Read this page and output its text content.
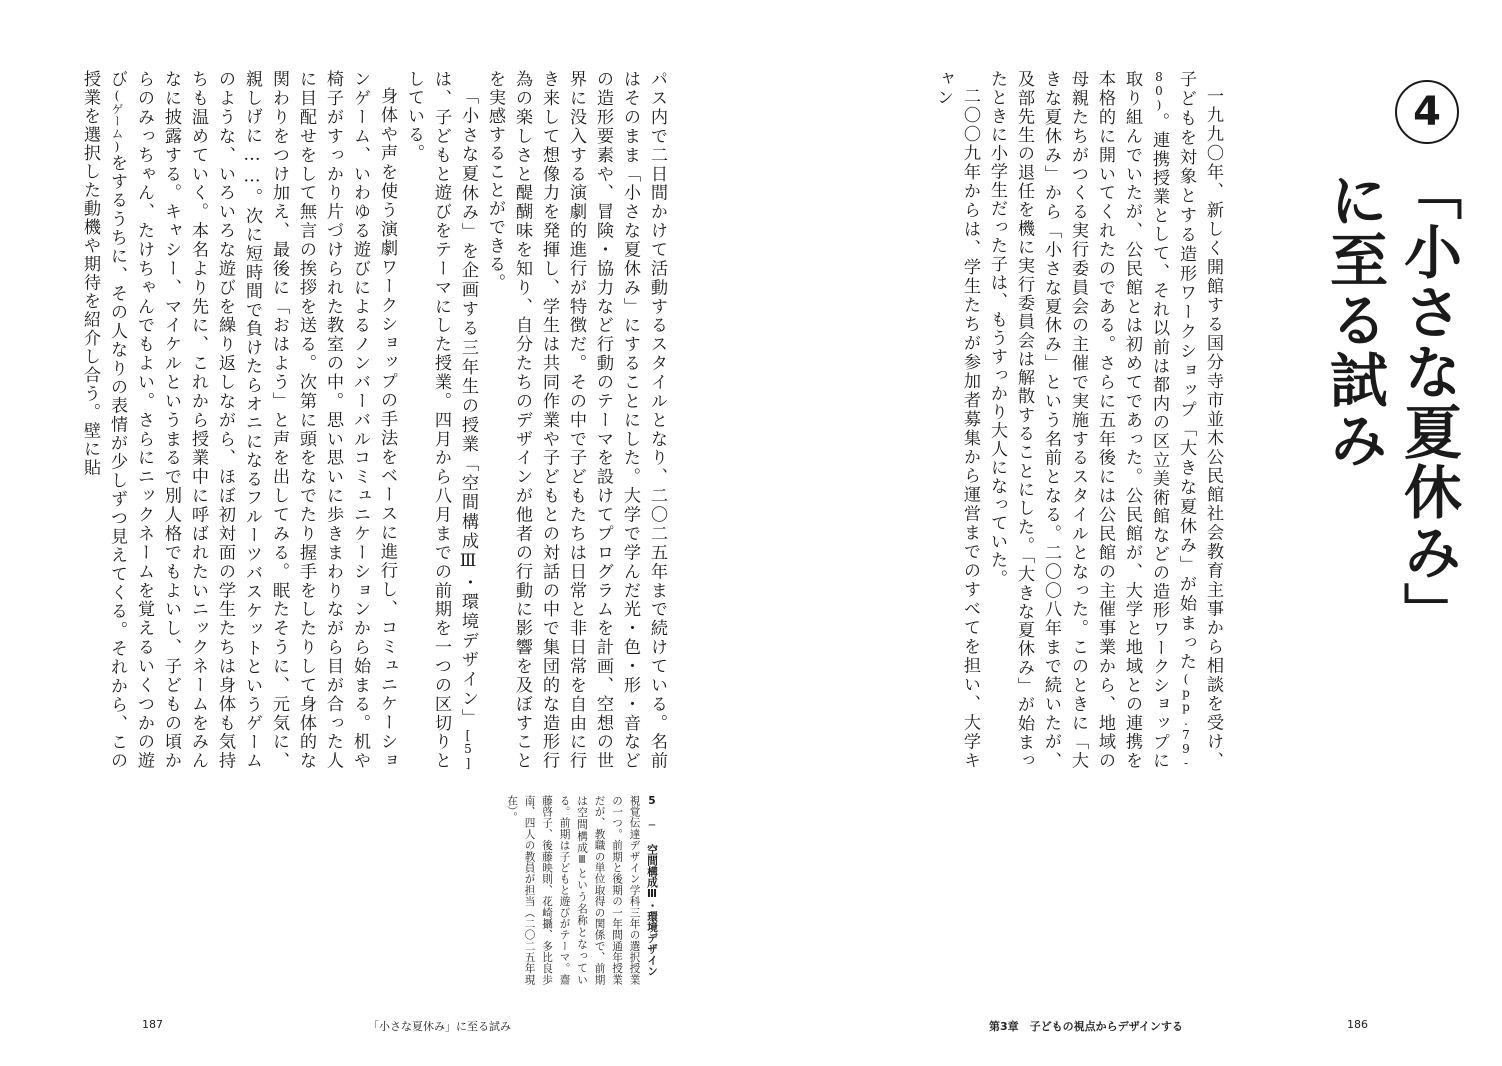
パス内で二日間かけて活動するスタイルとなり、二〇二五年まで続けている。名前はそのまま「小さな夏休み」にすることにした。大学で学んだ光・色・形・音などの造形要素や、冒険・協力など行動のテーマを設けてプログラムを計画、空想の世界に没入する演劇的進行が特徴だ。その中で子どもたちは日常と非日常を自由に行き来して想像力を発揮し、学生は共同作業や子どもとの対話の中で集団的な造形行為の楽しさと醍醐味を知り、自分たちのデザインが他者の行動に影響を及ぼすことを実感することができる。

「小さな夏休み」を企画する三年生の授業「空間構成Ⅲ・環境デザイン」[5]は、子どもと遊びをテーマにした授業。四月から八月までの前期を一つの区切りとしている。

身体や声を使う演劇ワークショップの手法をベースに進行し、コミュニケーションゲーム、いわゆる遊びによるノンバーバルコミュニケーションから始まる。机や椅子がすっかり片づけられた教室の中。思い思いに歩きまわりながら目が合った人に目配せをして無言の挨拶を送る。次第に頭をなでたり握手をしたりして身体的な関わりをつけ加え、最後に「おはよう」と声を出してみる。眠たそうに、元気に、親しげに……。次に短時間で負けたらオニになるフルーツバスケットというゲームのような、いろいろな遊びを繰り返しながら、ほぼ初対面の学生たちは身体も気持ちも温めていく。本名より先に、これから授業中に呼ばれたいニックネームをみんなに披露する。キャシー、マイケルというまるで別人格でもよいし、子どもの頃からのみっちゃん、たけちゃんでもよい。さらにニックネームを覚えるいくつかの遊び(ゲーム)をするうちに、その人なりの表情が少しずつ見えてくる。それから、この授業を選択した動機や期待を紹介し合う。壁に貼

5 ─ 空間構成Ⅲ・環境デザイン
視覚伝達デザイン学科三年の選択授業の一つ。前期と後期の一年間通年授業だが、教職の単位取得の関係で、前期は空間構成Ⅲという名称となっている。前期は子どもと遊びがテーマ。齋藤啓子、後藤映則、花崎攝、多比良歩南、四人の教員が担当（二〇二五年現在）。
187	「小さな夏休み」に至る試み
4
「小さな夏休み」
に至る試み

一九九〇年、新しく開館する国分寺市並木公民館社会教育主事から相談を受け、子どもを対象とする造形ワークショップ「大きな夏休み」が始まった(pp.79-80)。連携授業として、それ以前は都内の区立美術館などの造形ワークショップに取り組んでいたが、公民館とは初めてであった。公民館が、大学と地域との連携を本格的に開いてくれたのである。さらに五年後には公民館の主催事業から、地域の母親たちがつくる実行委員会の主催で実施するスタイルとなった。このときに「大きな夏休み」から「小さな夏休み」という名前となる。二〇〇八年まで続いたが、及部先生の退任を機に実行委員会は解散することにした。「大きな夏休み」が始まったときに小学生だった子は、もうすっかり大人になっていた。

二〇〇九年からは、学生たちが参加者募集から運営までのすべてを担い、大学キャン

第3章　子どもの視点からデザインする	186
